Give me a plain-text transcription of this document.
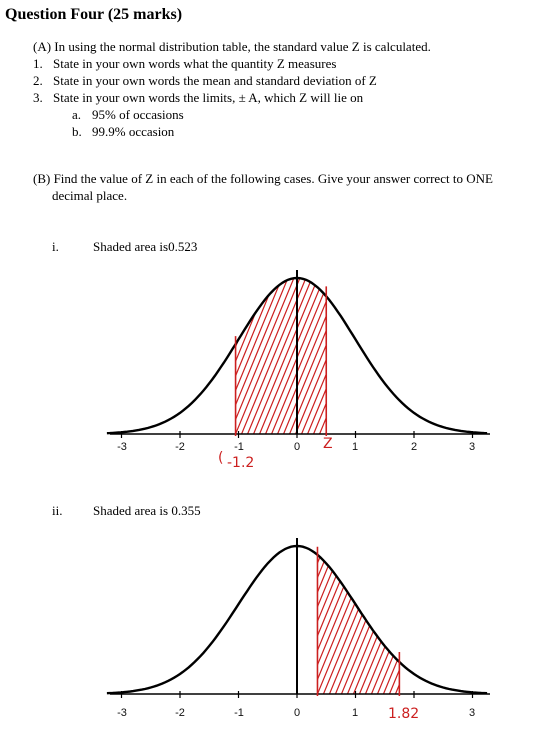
Question Four (25 marks)
(A) In using the normal distribution table, the standard value Z is calculated.
1. State in your own words what the quantity Z measures
2. State in your own words the mean and standard deviation of Z
3. State in your own words the limits, ± A, which Z will lie on
a. 95% of occasions
b. 99.9% occasion
(B) Find the value of Z in each of the following cases. Give your answer correct to ONE
decimal place.
i.	Shaded area is0.523
-3	-2	-1	0	1	2	3
Z
( -1.2
ii. Shaded area is 0.355
-3	-2	-1	0	1	3
1.82
